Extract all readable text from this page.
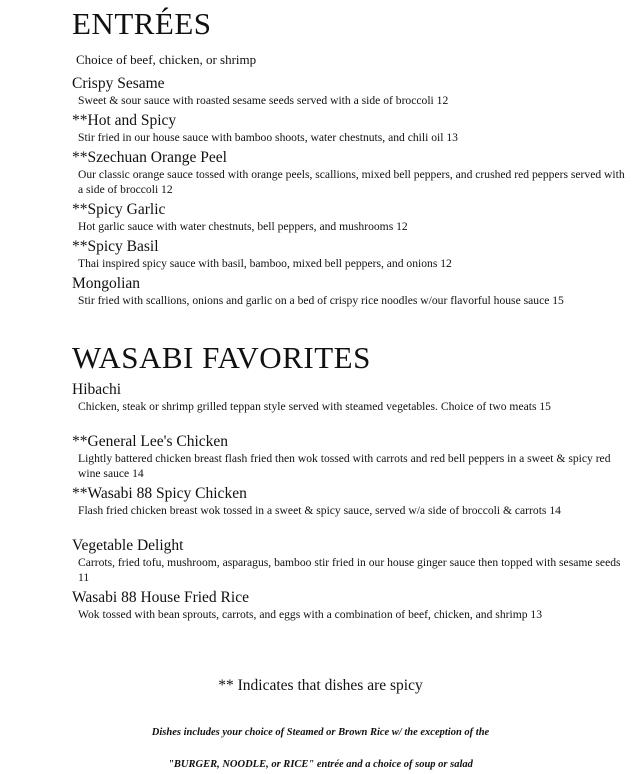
ENTRÉES
Choice of beef, chicken, or shrimp
Crispy Sesame
Sweet & sour sauce with roasted sesame seeds served with a side of broccoli 12
**Hot and Spicy
Stir fried in our house sauce with bamboo shoots, water chestnuts, and chili oil 13
**Szechuan Orange Peel
Our classic orange sauce tossed with orange peels, scallions, mixed bell peppers, and crushed red peppers served with a side of broccoli 12
**Spicy Garlic
Hot garlic sauce with water chestnuts, bell peppers, and mushrooms 12
**Spicy Basil
Thai inspired spicy sauce with basil, bamboo, mixed bell peppers, and onions 12
Mongolian
Stir fried with scallions, onions and garlic on a bed of crispy rice noodles w/our flavorful house sauce 15
WASABI FAVORITES
Hibachi
Chicken, steak or shrimp grilled teppan style served with steamed vegetables. Choice of two meats 15
**General Lee's Chicken
Lightly battered chicken breast flash fried then wok tossed with carrots and red bell peppers in a sweet & spicy red wine sauce 14
**Wasabi 88 Spicy Chicken
Flash fried chicken breast wok tossed in a sweet & spicy sauce, served w/a side of broccoli & carrots 14
Vegetable Delight
Carrots, fried tofu, mushroom, asparagus, bamboo stir fried in our house ginger sauce then topped with sesame seeds 11
Wasabi 88 House Fried Rice
Wok tossed with bean sprouts, carrots, and eggs with a combination of beef, chicken, and shrimp 13
** Indicates that dishes are spicy
Dishes includes your choice of Steamed or Brown Rice w/ the exception of the
"BURGER, NOODLE, or RICE" entrée and a choice of soup or salad
